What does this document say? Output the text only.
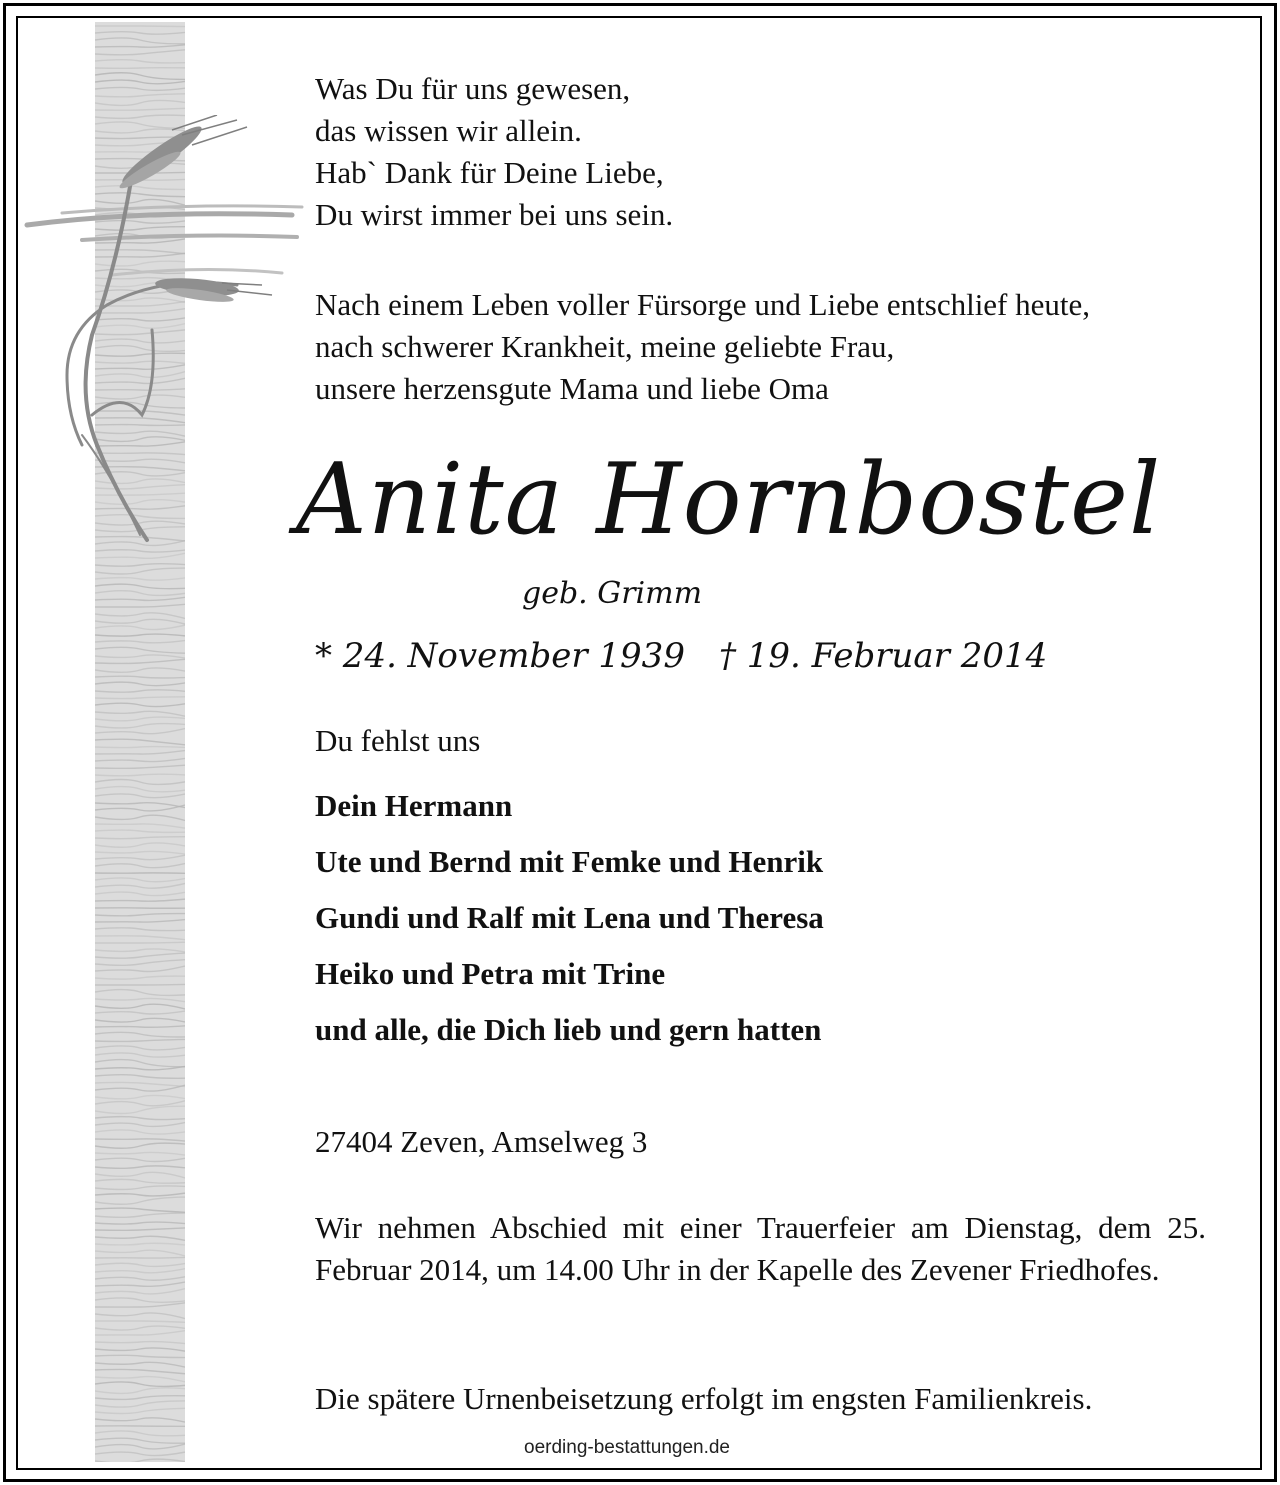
Was Du für uns gewesen,
das wissen wir allein.
Hab` Dank für Deine Liebe,
Du wirst immer bei uns sein.
Nach einem Leben voller Fürsorge und Liebe entschlief heute,
nach schwerer Krankheit, meine geliebte Frau,
unsere herzensgute Mama und liebe Oma
Anita Hornbostel
geb. Grimm
* 24. November 1939 † 19. Februar 2014
Du fehlst uns
Dein Hermann
Ute und Bernd mit Femke und Henrik
Gundi und Ralf mit Lena und Theresa
Heiko und Petra mit Trine
und alle, die Dich lieb und gern hatten
27404 Zeven, Amselweg 3

Wir nehmen Abschied mit einer Trauerfeier am Dienstag, dem 25. Februar 2014, um 14.00 Uhr in der Kapelle des Zevener Friedhofes.

Die spätere Urnenbeisetzung erfolgt im engsten Familienkreis.
oerding-bestattungen.de
